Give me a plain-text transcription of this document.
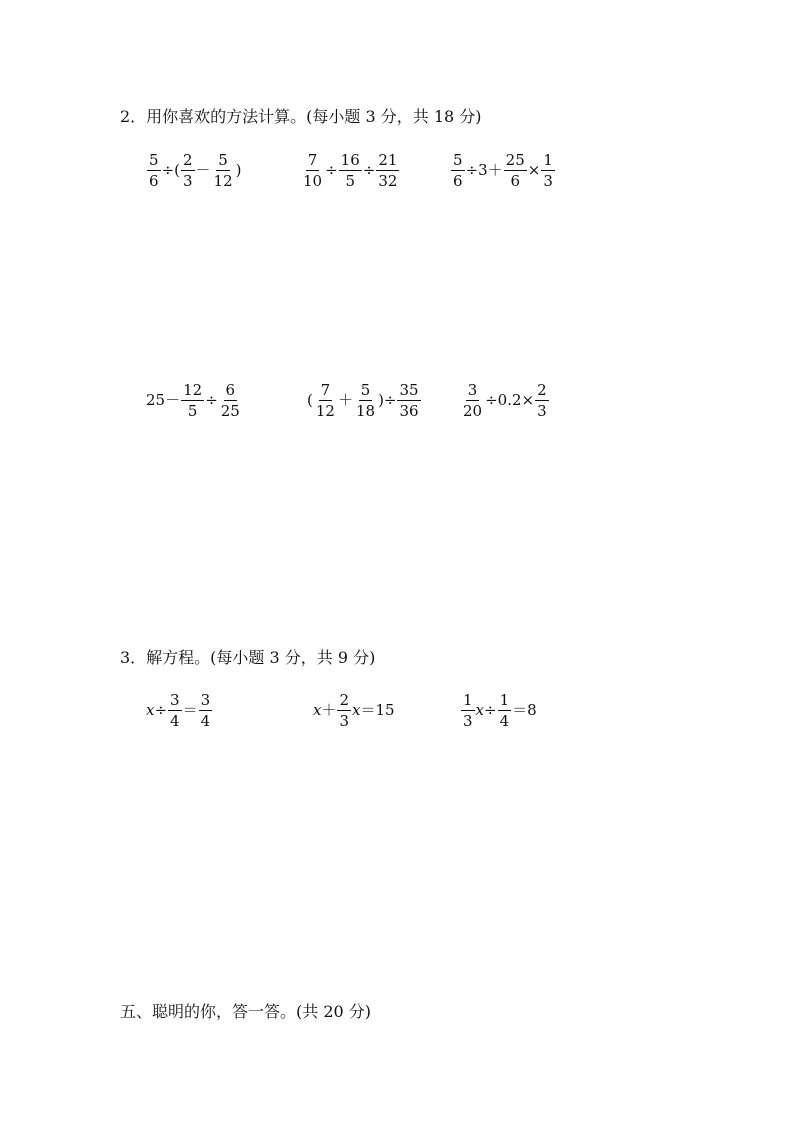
2．用你喜欢的方法计算。(每小题 3 分，共 18 分)
$\frac{5}{6}$ ÷( $\frac{2}{3} - \frac{5}{12}$ )	$\frac{7}{10} \div \frac{16}{5} \div \frac{21}{32}$	$\frac{5}{6} \div 3+ \frac{25}{6} \times \frac{1}{3}$
$25- \frac{12}{5} \div \frac{6}{25}$	( $\frac{7}{12} + \frac{5}{18}$ )÷ $\frac{35}{36}$	$\frac{3}{20} \div 0.2\times \frac{2}{3}$
3．解方程。(每小题 3 分，共 9 分)
$x \div \frac{3}{4} = \frac{3}{4}$	$x + \frac{2}{3}$ x ＝15	$\frac{1}{3}$ $x \div \frac{1}{4} =8$
五、聪明的你，答一答。(共 20 分)
